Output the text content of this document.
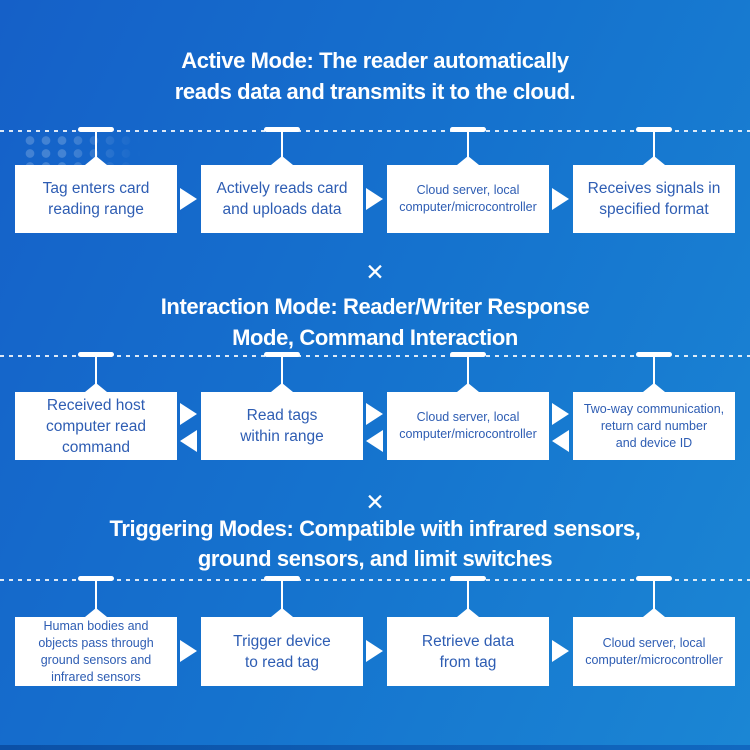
Active Mode: The reader automatically
reads data and transmits it to the cloud.
Tag enters card
reading range
Actively reads card
and uploads data
Cloud server, local
computer/microcontroller
Receives signals in
specified format
✕
Interaction Mode: Reader/Writer Response
Mode, Command Interaction
Received host
computer read
command
Read tags
within range
Cloud server, local
computer/microcontroller
Two-way communication,
return card number
and device ID
✕
Triggering Modes: Compatible with infrared sensors,
ground sensors, and limit switches
Human bodies and
objects pass through
ground sensors and
infrared sensors
Trigger device
to read tag
Retrieve data
from tag
Cloud server, local
computer/microcontroller
